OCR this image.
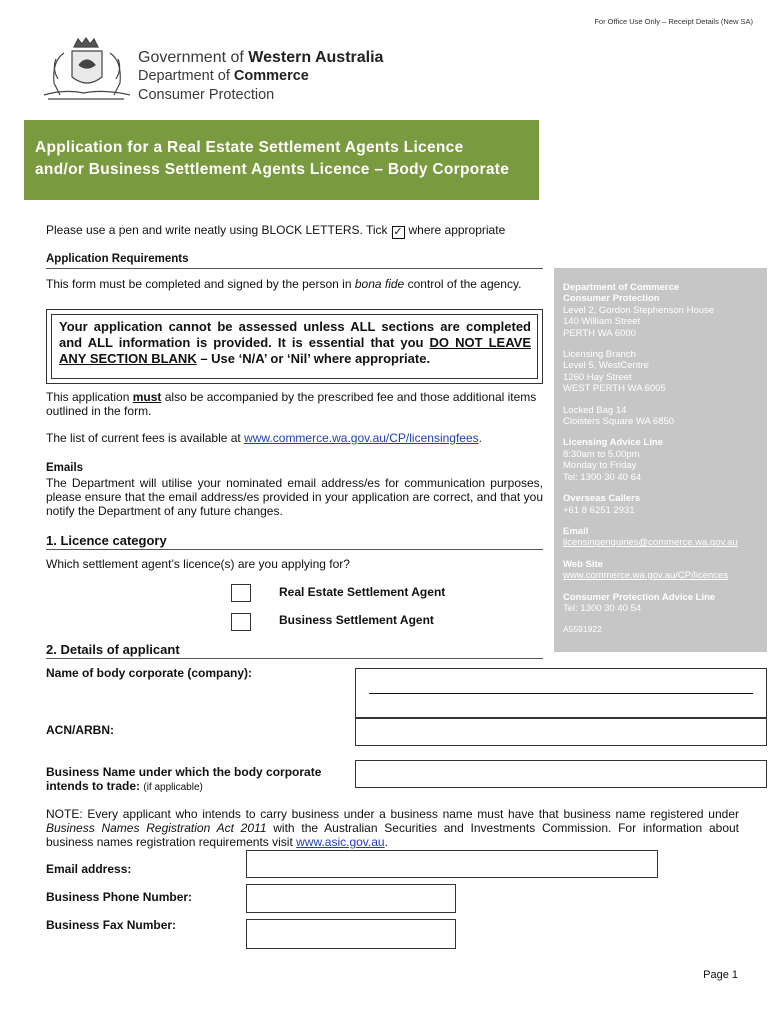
For Office Use Only – Receipt Details (New SA)
Government of Western Australia
Department of Commerce
Consumer Protection
Application for a Real Estate Settlement Agents Licence
and/or Business Settlement Agents Licence – Body Corporate
Please use a pen and write neatly using BLOCK LETTERS. Tick ✓ where appropriate
Application Requirements
This form must be completed and signed by the person in bona fide control of the agency.
Your application cannot be assessed unless ALL sections are completed and ALL information is provided. It is essential that you DO NOT LEAVE ANY SECTION BLANK – Use ‘N/A’ or ‘Nil’ where appropriate.
This application must also be accompanied by the prescribed fee and those additional items outlined in the form.
The list of current fees is available at www.commerce.wa.gov.au/CP/licensingfees.
Emails
The Department will utilise your nominated email address/es for communication purposes, please ensure that the email address/es provided in your application are correct, and that you notify the Department of any future changes.
1. Licence category
Which settlement agent’s licence(s) are you applying for?
Real Estate Settlement Agent
Business Settlement Agent
2. Details of applicant
Name of body corporate (company):
ACN/ARBN:
Business Name under which the body corporate intends to trade: (if applicable)
NOTE: Every applicant who intends to carry business under a business name must have that business name registered under Business Names Registration Act 2011 with the Australian Securities and Investments Commission. For information about business names registration requirements visit www.asic.gov.au.
Email address:
Business Phone Number:
Business Fax Number:
Department of Commerce
Consumer Protection
Level 2, Gordon Stephenson House
140 William Street
PERTH WA 6000
Licensing Branch
Level 5, WestCentre
1260 Hay Street
WEST PERTH WA 6005
Locked Bag 14
Cloisters Square WA 6850
Licensing Advice Line
8:30am to 5.00pm
Monday to Friday
Tel: 1300 30 40 64
Overseas Callers
+61 8 6251 2931
Email
licensingenquiries@commerce.wa.gov.au
Web Site
www.commerce.wa.gov.au/CP/licences
Consumer Protection Advice Line
Tel: 1300 30 40 54
A5591922
Page 1
